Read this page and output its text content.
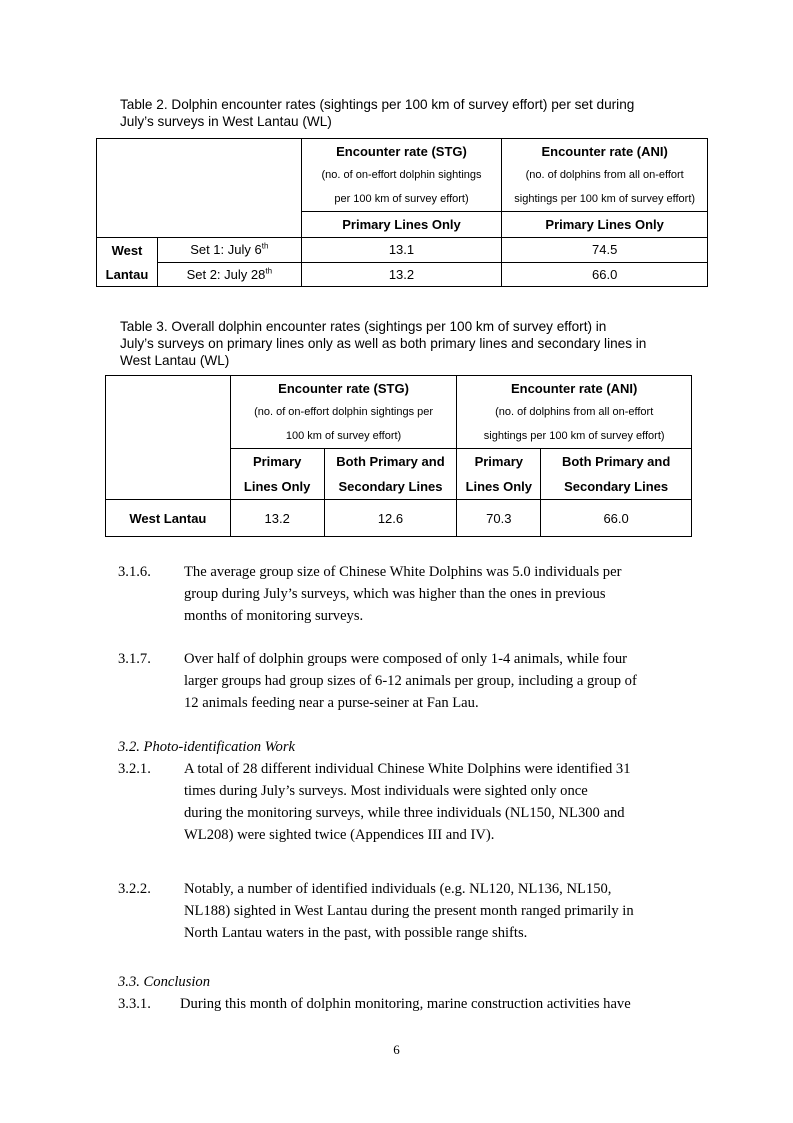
Table 2. Dolphin encounter rates (sightings per 100 km of survey effort) per set during

July’s surveys in West Lantau (WL)

		Encounter rate (STG)	Encounter rate (ANI)
		(no. of on-effort dolphin sightings	(no. of dolphins from all on-effort
		per 100 km of survey effort)	sightings per 100 km of survey effort)
		Primary Lines Only	Primary Lines Only
West	Set 1: July 6th	13.1	74.5
Lantau	Set 2: July 28th	13.2	66.0

Table 3. Overall dolphin encounter rates (sightings per 100 km of survey effort) in

July’s surveys on primary lines only as well as both primary lines and secondary lines in

West Lantau (WL)

	Encounter rate (STG)		Encounter rate (ANI)	
	(no. of on-effort dolphin sightings per		(no. of dolphins from all on-effort	
	100 km of survey effort)		sightings per 100 km of survey effort)	
	Primary	Both Primary and	Primary	Both Primary and
	Lines Only	Secondary Lines	Lines Only	Secondary Lines
West Lantau	13.2	12.6	70.3	66.0
3.1.6. The average group size of Chinese White Dolphins was 5.0 individuals per
group during July’s surveys, which was higher than the ones in previous
months of monitoring surveys.
3.1.7. Over half of dolphin groups were composed of only 1-4 animals, while four
larger groups had group sizes of 6-12 animals per group, including a group of
12 animals feeding near a purse-seiner at Fan Lau.
3.2. Photo-identification Work
3.2.1. A total of 28 different individual Chinese White Dolphins were identified 31
times during July’s surveys. Most individuals were sighted only once
during the monitoring surveys, while three individuals (NL150, NL300 and
WL208) were sighted twice (Appendices III and IV).
3.2.2. Notably, a number of identified individuals (e.g. NL120, NL136, NL150,
NL188) sighted in West Lantau during the present month ranged primarily in
North Lantau waters in the past, with possible range shifts.
3.3. Conclusion
3.3.1. During this month of dolphin monitoring, marine construction activities have
6
